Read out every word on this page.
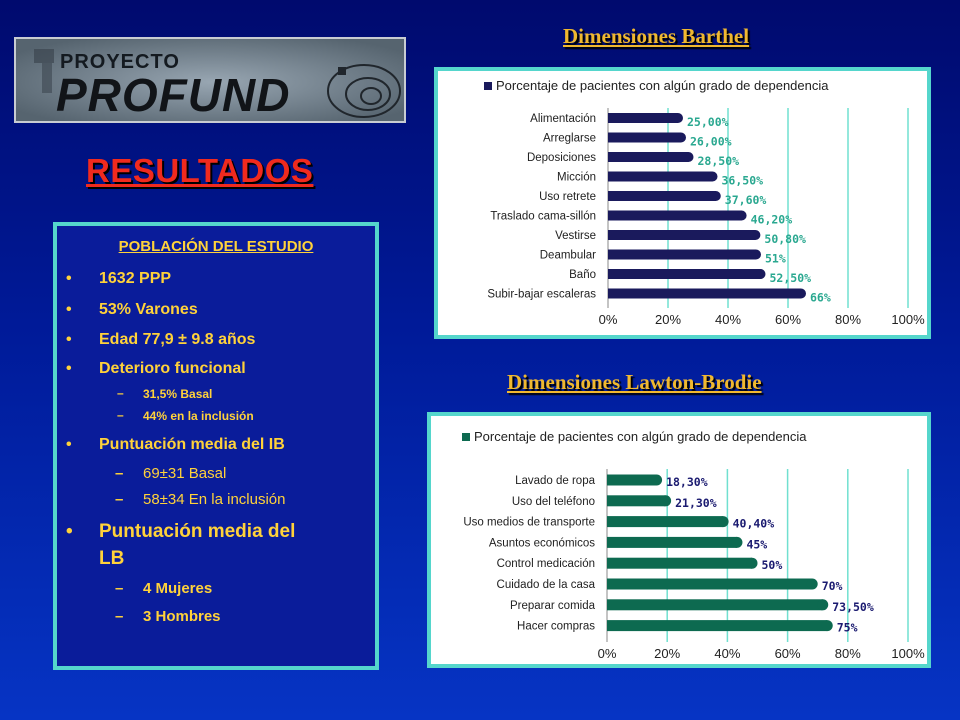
PROYECTO
PROFUND
RESULTADOS
POBLACIÓN DEL ESTUDIO
• 1632 PPP
• 53% Varones
• Edad 77,9 ± 9.8 años
• Deterioro funcional
– 31,5% Basal
– 44% en la inclusión
• Puntuación media del IB
– 69±31 Basal
– 58±34 En la inclusión
• Puntuación media del
LB
– 4 Mujeres
– 3 Hombres
Dimensiones Barthel
Porcentaje de pacientes con algún grado de dependencia
0%	20%	40%	60%	80% 100%
Alimentación	25,00%
Arreglarse	26,00%
Deposiciones	28,50%
Micción	36,50%
Uso retrete	37,60%
Traslado cama-sillón	46,20%
Vestirse	50,80%
Deambular	51%
Baño	52,50%
Subir-bajar escaleras	66%
Dimensiones Lawton-Brodie
Porcentaje de pacientes con algún grado de dependencia
0%	20%	40%	60%	80% 100%
Lavado de ropa	18,30%
Uso del teléfono	21,30%
Uso medios de transporte	40,40%
Asuntos económicos	45%
Control medicación	50%
Cuidado de la casa	70%
Preparar comida	73,50%
Hacer compras	75%
